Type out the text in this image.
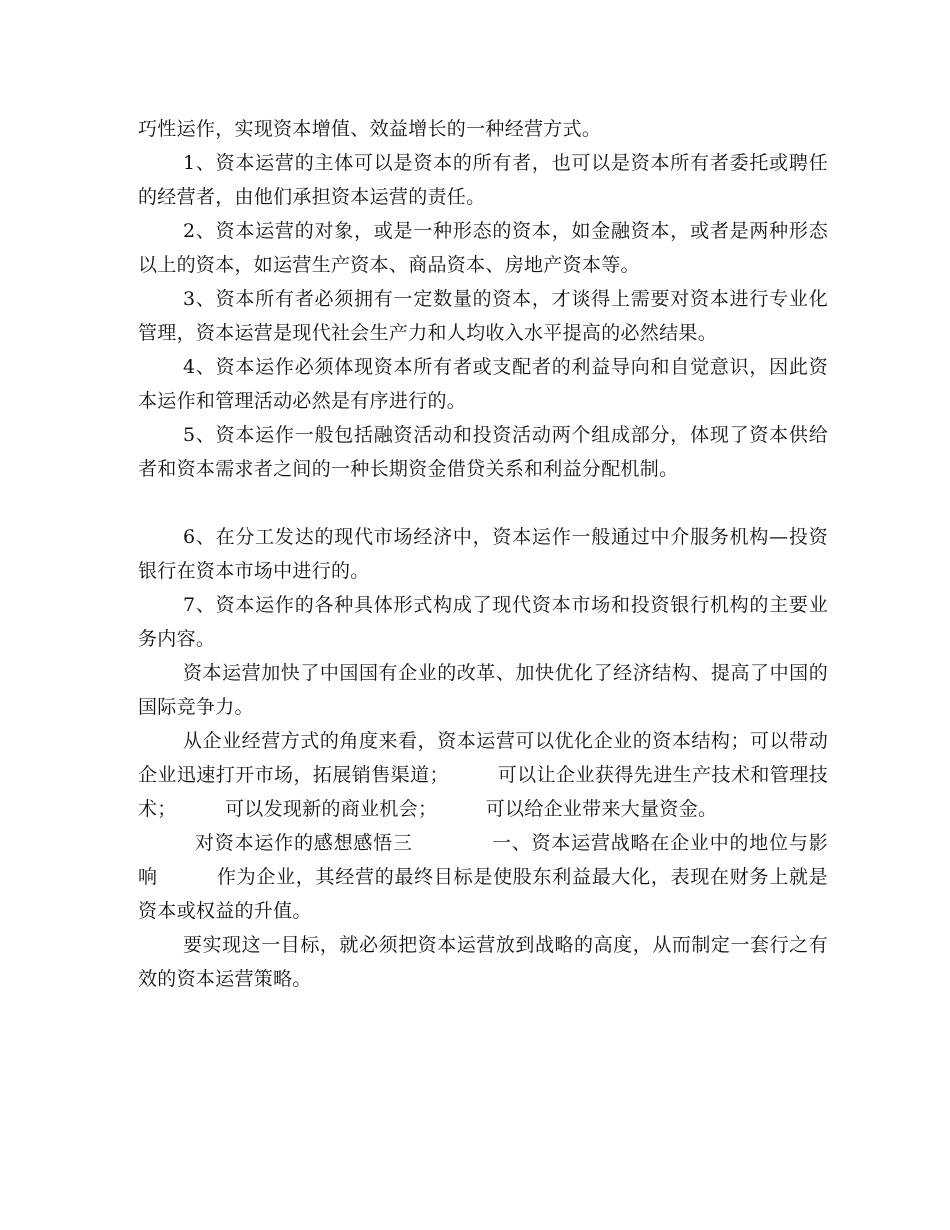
巧性运作，实现资本增值、效益增长的一种经营方式。

1、资本运营的主体可以是资本的所有者，也可以是资本所有者委托或聘任的经营者，由他们承担资本运营的责任。

2、资本运营的对象，或是一种形态的资本，如金融资本，或者是两种形态以上的资本，如运营生产资本、商品资本、房地产资本等。

3、资本所有者必须拥有一定数量的资本，才谈得上需要对资本进行专业化管理，资本运营是现代社会生产力和人均收入水平提高的必然结果。

4、资本运作必须体现资本所有者或支配者的利益导向和自觉意识，因此资本运作和管理活动必然是有序进行的。

5、资本运作一般包括融资活动和投资活动两个组成部分，体现了资本供给者和资本需求者之间的一种长期资金借贷关系和利益分配机制。

6、在分工发达的现代市场经济中，资本运作一般通过中介服务机构—投资银行在资本市场中进行的。

7、资本运作的各种具体形式构成了现代资本市场和投资银行机构的主要业务内容。

资本运营加快了中国国有企业的改革、加快优化了经济结构、提高了中国的国际竞争力。

从企业经营方式的角度来看，资本运营可以优化企业的资本结构；可以带动企业迅速打开市场，拓展销售渠道；　　　可以让企业获得先进生产技术和管理技术；　　　可以发现新的商业机会；　　　可以给企业带来大量资金。

对资本运作的感想感悟三　　　　一、资本运营战略在企业中的地位与影响　　　作为企业，其经营的最终目标是使股东利益最大化，表现在财务上就是资本或权益的升值。

要实现这一目标，就必须把资本运营放到战略的高度，从而制定一套行之有效的资本运营策略。
